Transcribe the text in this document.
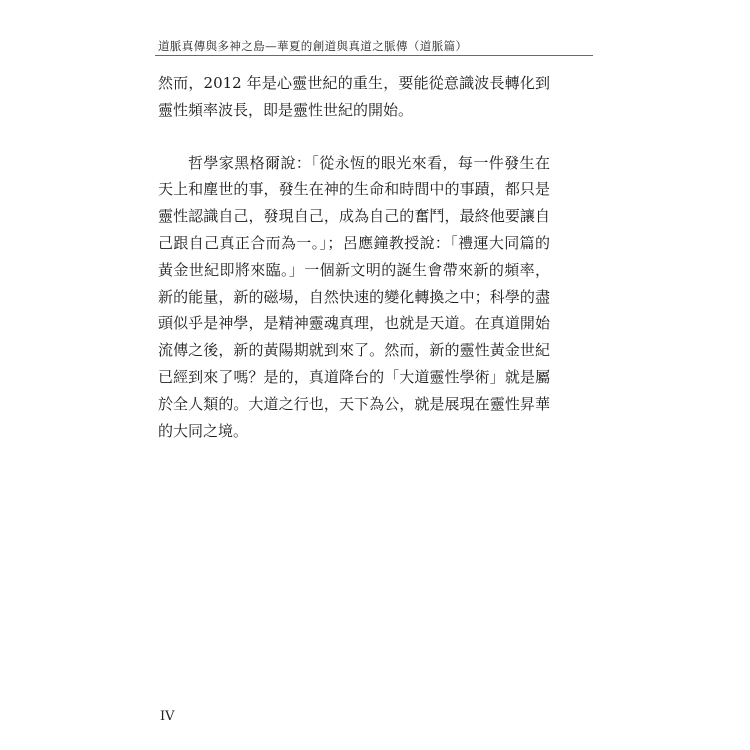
道脈真傳與多神之島—華夏的創道與真道之脈傳（道脈篇）

然而，2012 年是心靈世紀的重生，要能從意識波長轉化到靈性頻率波長，即是靈性世紀的開始。

哲學家黑格爾說：「從永恆的眼光來看，每一件發生在天上和塵世的事，發生在神的生命和時間中的事蹟，都只是靈性認識自己，發現自己，成為自己的奮鬥，最終他要讓自己跟自己真正合而為一。」；呂應鐘教授說：「禮運大同篇的黃金世紀即將來臨。」一個新文明的誕生會帶來新的頻率，新的能量，新的磁場，自然快速的變化轉換之中；科學的盡頭似乎是神學，是精神靈魂真理，也就是天道。在真道開始流傳之後，新的黃陽期就到來了。然而，新的靈性黃金世紀已經到來了嗎？是的，真道降台的「大道靈性學術」就是屬於全人類的。大道之行也，天下為公，就是展現在靈性昇華的大同之境。

IV
